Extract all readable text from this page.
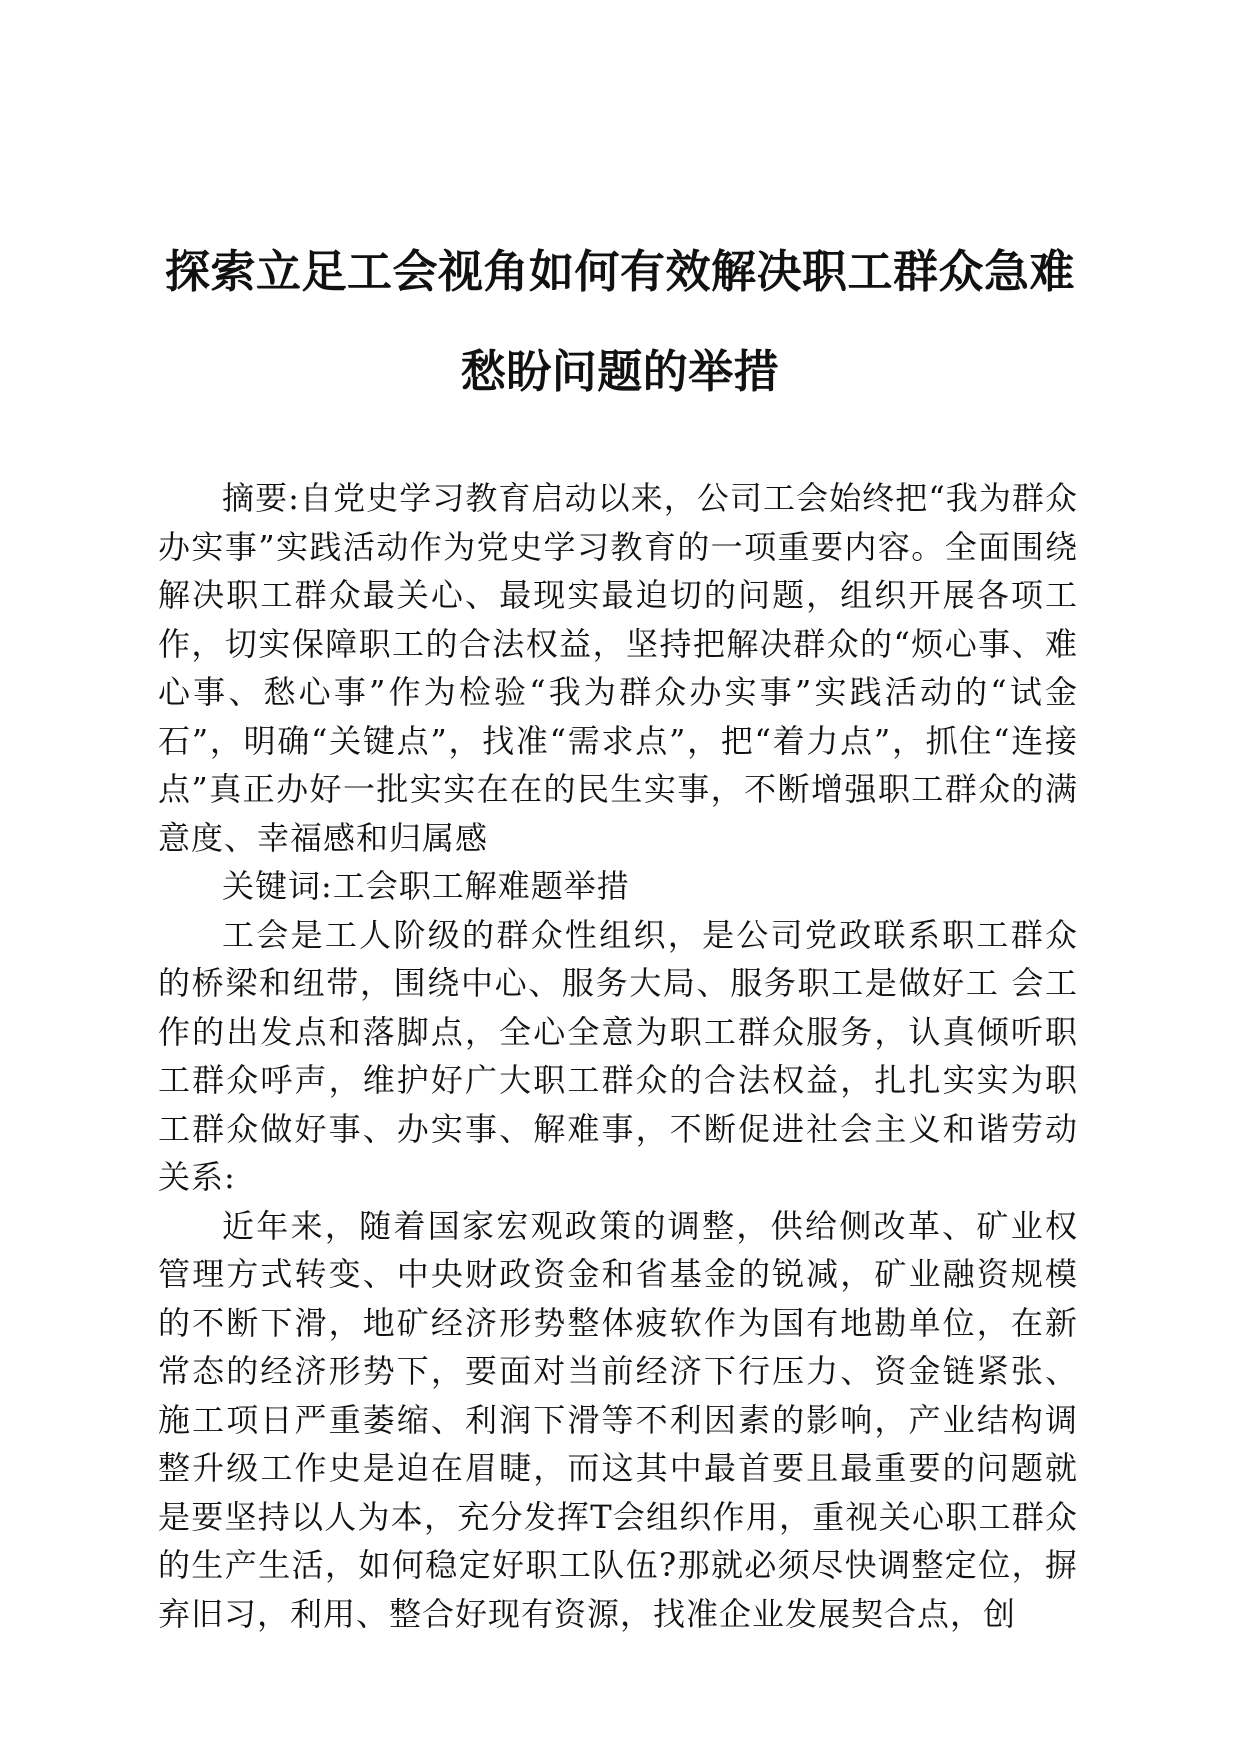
探索立足工会视角如何有效解决职工群众急难
愁盼问题的举措

摘要:自党史学习教育启动以来，公司工会始终把“我为群众办实事”实践活动作为党史学习教育的一项重要内容。全面围绕解决职工群众最关心、最现实最迫切的问题，组织开展各项工作，切实保障职工的合法权益，坚持把解决群众的“烦心事、难心事、愁心事”作为检验“我为群众办实事”实践活动的“试金石”，明确“关键点”，找准“需求点”，把“着力点”，抓住“连接点”真正办好一批实实在在的民生实事，不断增强职工群众的满意度、幸福感和归属感

关键词:工会职工解难题举措

工会是工人阶级的群众性组织，是公司党政联系职工群众的桥梁和纽带，围绕中心、服务大局、服务职工是做好工 会工作的出发点和落脚点，全心全意为职工群众服务，认真倾听职工群众呼声，维护好广大职工群众的合法权益，扎扎实实为职工群众做好事、办实事、解难事，不断促进社会主义和谐劳动关系:

近年来，随着国家宏观政策的调整，供给侧改革、矿业权管理方式转变、中央财政资金和省基金的锐减，矿业融资规模的不断下滑，地矿经济形势整体疲软作为国有地勘单位，在新常态的经济形势下，要面对当前经济下行压力、资金链紧张、施工项日严重萎缩、利润下滑等不利因素的影响，产业结构调整升级工作史是迫在眉睫，而这其中最首要且最重要的问题就是要坚持以人为本，充分发挥T会组织作用，重视关心职工群众的生产生活，如何稳定好职工队伍?那就必须尽快调整定位，摒弃旧习，利用、整合好现有资源，找准企业发展契合点，创
